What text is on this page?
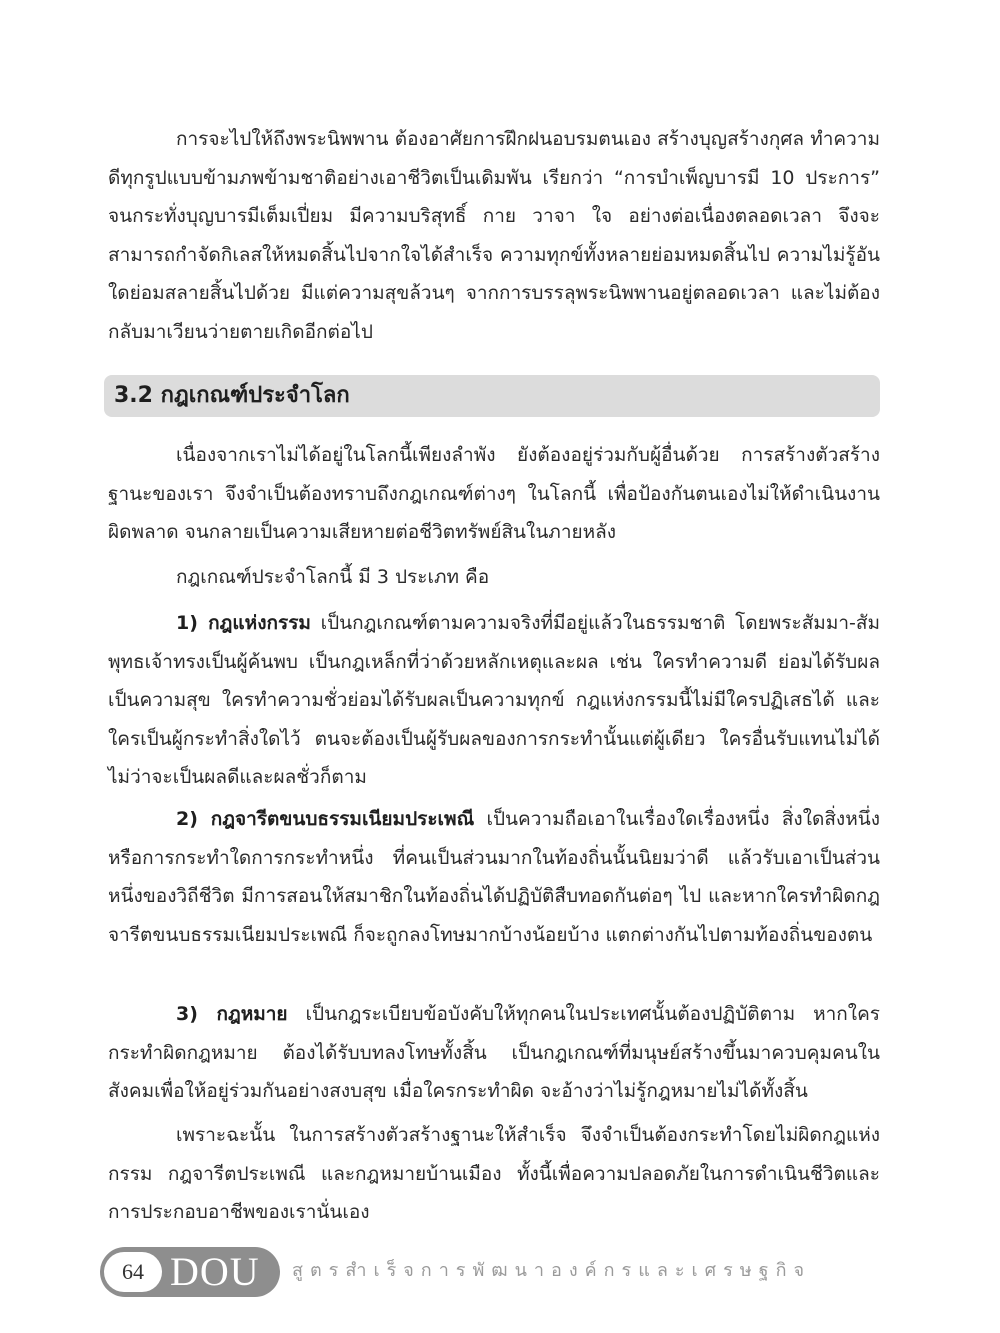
การจะไปให้ถึงพระนิพพาน ต้องอาศัยการฝึกฝนอบรมตนเอง สร้างบุญสร้างกุศล ทำความดีทุกรูปแบบข้ามภพข้ามชาติอย่างเอาชีวิตเป็นเดิมพัน เรียกว่า “การบำเพ็ญบารมี 10 ประการ” จนกระทั่งบุญบารมีเต็มเปี่ยม มีความบริสุทธิ์ กาย วาจา ใจ อย่างต่อเนื่องตลอดเวลา จึงจะสามารถกำจัดกิเลสให้หมดสิ้นไปจากใจได้สำเร็จ ความทุกข์ทั้งหลายย่อมหมดสิ้นไป ความไม่รู้อันใดย่อมสลายสิ้นไปด้วย มีแต่ความสุขล้วนๆ จากการบรรลุพระนิพพานอยู่ตลอดเวลา และไม่ต้องกลับมาเวียนว่ายตายเกิดอีกต่อไป

3.2 กฎเกณฑ์ประจำโลก

เนื่องจากเราไม่ได้อยู่ในโลกนี้เพียงลำพัง ยังต้องอยู่ร่วมกับผู้อื่นด้วย การสร้างตัวสร้างฐานะของเรา จึงจำเป็นต้องทราบถึงกฎเกณฑ์ต่างๆ ในโลกนี้ เพื่อป้องกันตนเองไม่ให้ดำเนินงานผิดพลาด จนกลายเป็นความเสียหายต่อชีวิตทรัพย์สินในภายหลัง

กฎเกณฑ์ประจำโลกนี้ มี 3 ประเภท คือ

1) กฎแห่งกรรม เป็นกฎเกณฑ์ตามความจริงที่มีอยู่แล้วในธรรมชาติ โดยพระสัมมา-สัมพุทธเจ้าทรงเป็นผู้ค้นพบ เป็นกฎเหล็กที่ว่าด้วยหลักเหตุและผล เช่น ใครทำความดี ย่อมได้รับผลเป็นความสุข ใครทำความชั่วย่อมได้รับผลเป็นความทุกข์ กฎแห่งกรรมนี้ไม่มีใครปฏิเสธได้ และใครเป็นผู้กระทำสิ่งใดไว้ ตนจะต้องเป็นผู้รับผลของการกระทำนั้นแต่ผู้เดียว ใครอื่นรับแทนไม่ได้ ไม่ว่าจะเป็นผลดีและผลชั่วก็ตาม

2) กฎจารีตขนบธรรมเนียมประเพณี เป็นความถือเอาในเรื่องใดเรื่องหนึ่ง สิ่งใดสิ่งหนึ่ง หรือการกระทำใดการกระทำหนึ่ง ที่คนเป็นส่วนมากในท้องถิ่นนั้นนิยมว่าดี แล้วรับเอาเป็นส่วนหนึ่งของวิถีชีวิต มีการสอนให้สมาชิกในท้องถิ่นได้ปฏิบัติสืบทอดกันต่อๆ ไป และหากใครทำผิดกฎจารีตขนบธรรมเนียมประเพณี ก็จะถูกลงโทษมากบ้างน้อยบ้าง แตกต่างกันไปตามท้องถิ่นของตน

3) กฎหมาย เป็นกฎระเบียบข้อบังคับให้ทุกคนในประเทศนั้นต้องปฏิบัติตาม หากใครกระทำผิดกฎหมาย ต้องได้รับบทลงโทษทั้งสิ้น เป็นกฎเกณฑ์ที่มนุษย์สร้างขึ้นมาควบคุมคนในสังคมเพื่อให้อยู่ร่วมกันอย่างสงบสุข เมื่อใครกระทำผิด จะอ้างว่าไม่รู้กฎหมายไม่ได้ทั้งสิ้น

เพราะฉะนั้น ในการสร้างตัวสร้างฐานะให้สำเร็จ จึงจำเป็นต้องกระทำโดยไม่ผิดกฎแห่งกรรม กฎจารีตประเพณี และกฎหมายบ้านเมือง ทั้งนี้เพื่อความปลอดภัยในการดำเนินชีวิตและการประกอบอาชีพของเรานั่นเอง

64 DOU สูตรสำเร็จการพัฒนาองค์กรและเศรษฐกิจ
